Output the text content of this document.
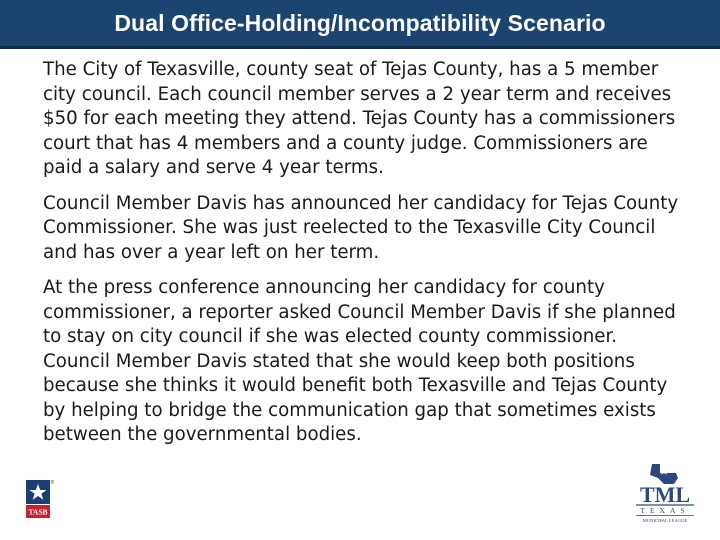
Dual Office-Holding/Incompatibility Scenario

The City of Texasville, county seat of Tejas County, has a 5 member city council. Each council member serves a 2 year term and receives $50 for each meeting they attend. Tejas County has a commissioners court that has 4 members and a county judge. Commissioners are paid a salary and serve 4 year terms.

Council Member Davis has announced her candidacy for Tejas County Commissioner. She was just reelected to the Texasville City Council and has over a year left on her term.

At the press conference announcing her candidacy for county commissioner, a reporter asked Council Member Davis if she planned to stay on city council if she was elected county commissioner. Council Member Davis stated that she would keep both positions because she thinks it would benefit both Texasville and Tejas County by helping to bridge the communication gap that sometimes exists between the governmental bodies.

TASB
®	TML
TEXAS
MUNICIPAL LEAGUE
